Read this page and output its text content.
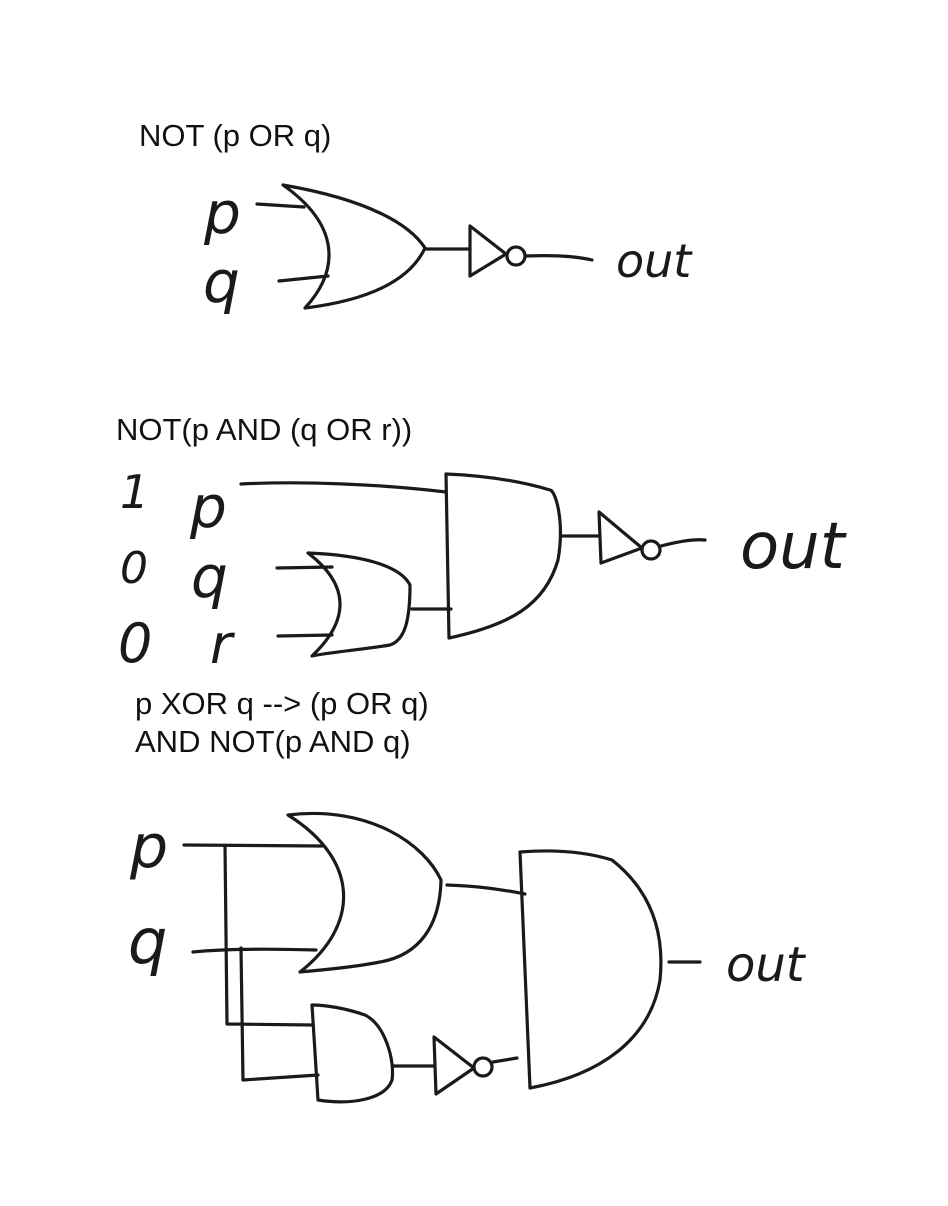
NOT (p OR q)
NOT(p AND (q OR r))
p XOR q --> (p OR q)
AND NOT(p AND q)
p
q	out
1
0
0
p
q
r
out
p
q	out
